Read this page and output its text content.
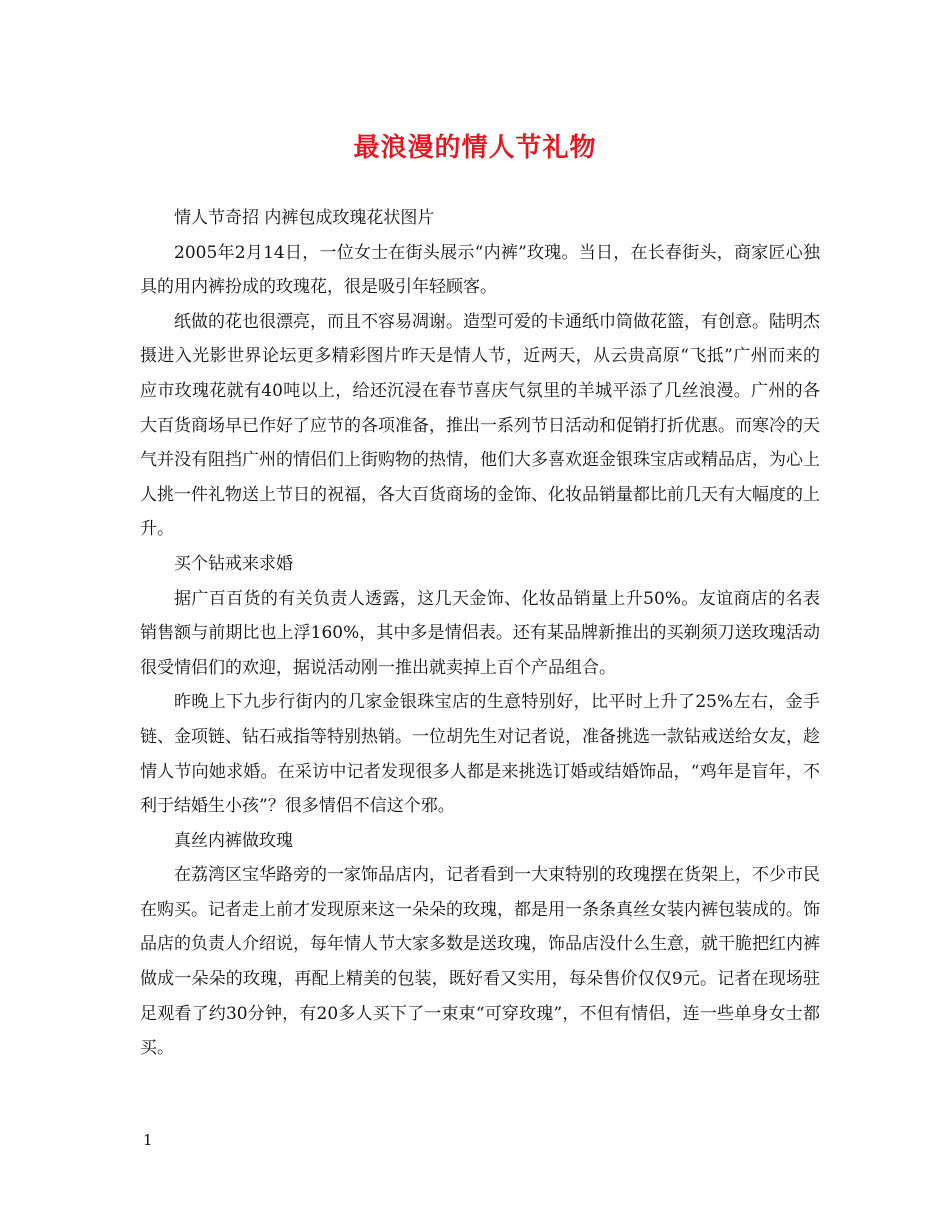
最浪漫的情人节礼物

情人节奇招 内裤包成玫瑰花状图片

2005年2月14日，一位女士在街头展示“内裤”玫瑰。当日，在长春街头，商家匠心独具的用内裤扮成的玫瑰花，很是吸引年轻顾客。

纸做的花也很漂亮，而且不容易凋谢。造型可爱的卡通纸巾筒做花篮，有创意。陆明杰摄进入光影世界论坛更多精彩图片昨天是情人节，近两天，从云贵高原“飞抵”广州而来的应市玫瑰花就有40吨以上，给还沉浸在春节喜庆气氛里的羊城平添了几丝浪漫。广州的各大百货商场早已作好了应节的各项准备，推出一系列节日活动和促销打折优惠。而寒冷的天气并没有阻挡广州的情侣们上街购物的热情，他们大多喜欢逛金银珠宝店或精品店，为心上人挑一件礼物送上节日的祝福，各大百货商场的金饰、化妆品销量都比前几天有大幅度的上升。

买个钻戒来求婚

据广百百货的有关负责人透露，这几天金饰、化妆品销量上升50%。友谊商店的名表销售额与前期比也上浮160%，其中多是情侣表。还有某品牌新推出的买剃须刀送玫瑰活动很受情侣们的欢迎，据说活动刚一推出就卖掉上百个产品组合。

昨晚上下九步行街内的几家金银珠宝店的生意特别好，比平时上升了25%左右，金手链、金项链、钻石戒指等特别热销。一位胡先生对记者说，准备挑选一款钻戒送给女友，趁情人节向她求婚。在采访中记者发现很多人都是来挑选订婚或结婚饰品，“鸡年是盲年，不利于结婚生小孩”？很多情侣不信这个邪。

真丝内裤做玫瑰

在荔湾区宝华路旁的一家饰品店内，记者看到一大束特别的玫瑰摆在货架上，不少市民在购买。记者走上前才发现原来这一朵朵的玫瑰，都是用一条条真丝女装内裤包装成的。饰品店的负责人介绍说，每年情人节大家多数是送玫瑰，饰品店没什么生意，就干脆把红内裤做成一朵朵的玫瑰，再配上精美的包装，既好看又实用，每朵售价仅仅9元。记者在现场驻足观看了约30分钟，有20多人买下了一束束“可穿玫瑰”，不但有情侣，连一些单身女士都买。

1
